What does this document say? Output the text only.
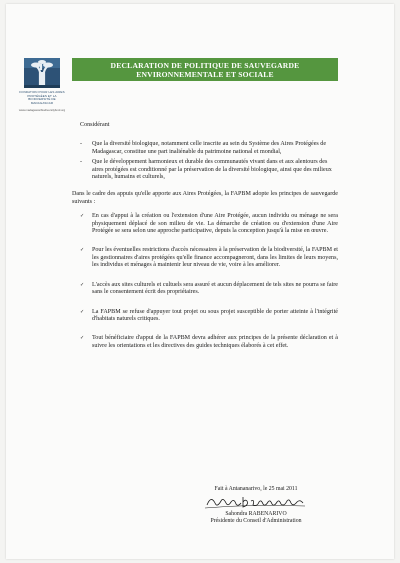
FONDATION POUR LES AIRES PROTÉGÉES ET LA BIODIVERSITÉ DE MADAGASCAR
www.madagascarbiodiversityfund.org
DECLARATION DE POLITIQUE DE SAUVEGARDE
ENVIRONNEMENTALE ET SOCIALE

Considérant

- Que la diversité biologique, notamment celle inscrite au sein du Système des Aires Protégées de Madagascar, constitue une part inaliénable du patrimoine national et mondial,
- Que le développement harmonieux et durable des communautés vivant dans et aux alentours des aires protégées est conditionné par la préservation de la diversité biologique, ainsi que des milieux naturels, humains et culturels,

Dans le cadre des appuis qu'elle apporte aux Aires Protégées, la FAPBM adopte les principes de sauvegarde suivants :

✓ En cas d'appui à la création ou l'extension d'une Aire Protégée, aucun individu ou ménage ne sera physiquement déplacé de son milieu de vie. La démarche de création ou d'extension d'une Aire Protégée se sera selon une approche participative, depuis la conception jusqu'à la mise en œuvre.
✓ Pour les éventuelles restrictions d'accès nécessaires à la préservation de la biodiversité, la FAPBM et les gestionnaires d'aires protégées qu'elle finance accompagneront, dans les limites de leurs moyens, les individus et ménages à maintenir leur niveau de vie, voire à les améliorer.
✓ L'accès aux sites culturels et cultuels sera assuré et aucun déplacement de tels sites ne pourra se faire sans le consentement écrit des propriétaires.
✓ La FAPBM se refuse d'appuyer tout projet ou sous projet susceptible de porter atteinte à l'intégrité d'habitats naturels critiques.
✓ Tout bénéficiaire d'appui de la FAPBM devra adhérer aux principes de la présente déclaration et à suivre les orientations et les directives des guides techniques élaborés à cet effet.
Fait à Antananarivo, le 25 mai 2011
Sahondra RABENARIVO
Présidente du Conseil d'Administration
